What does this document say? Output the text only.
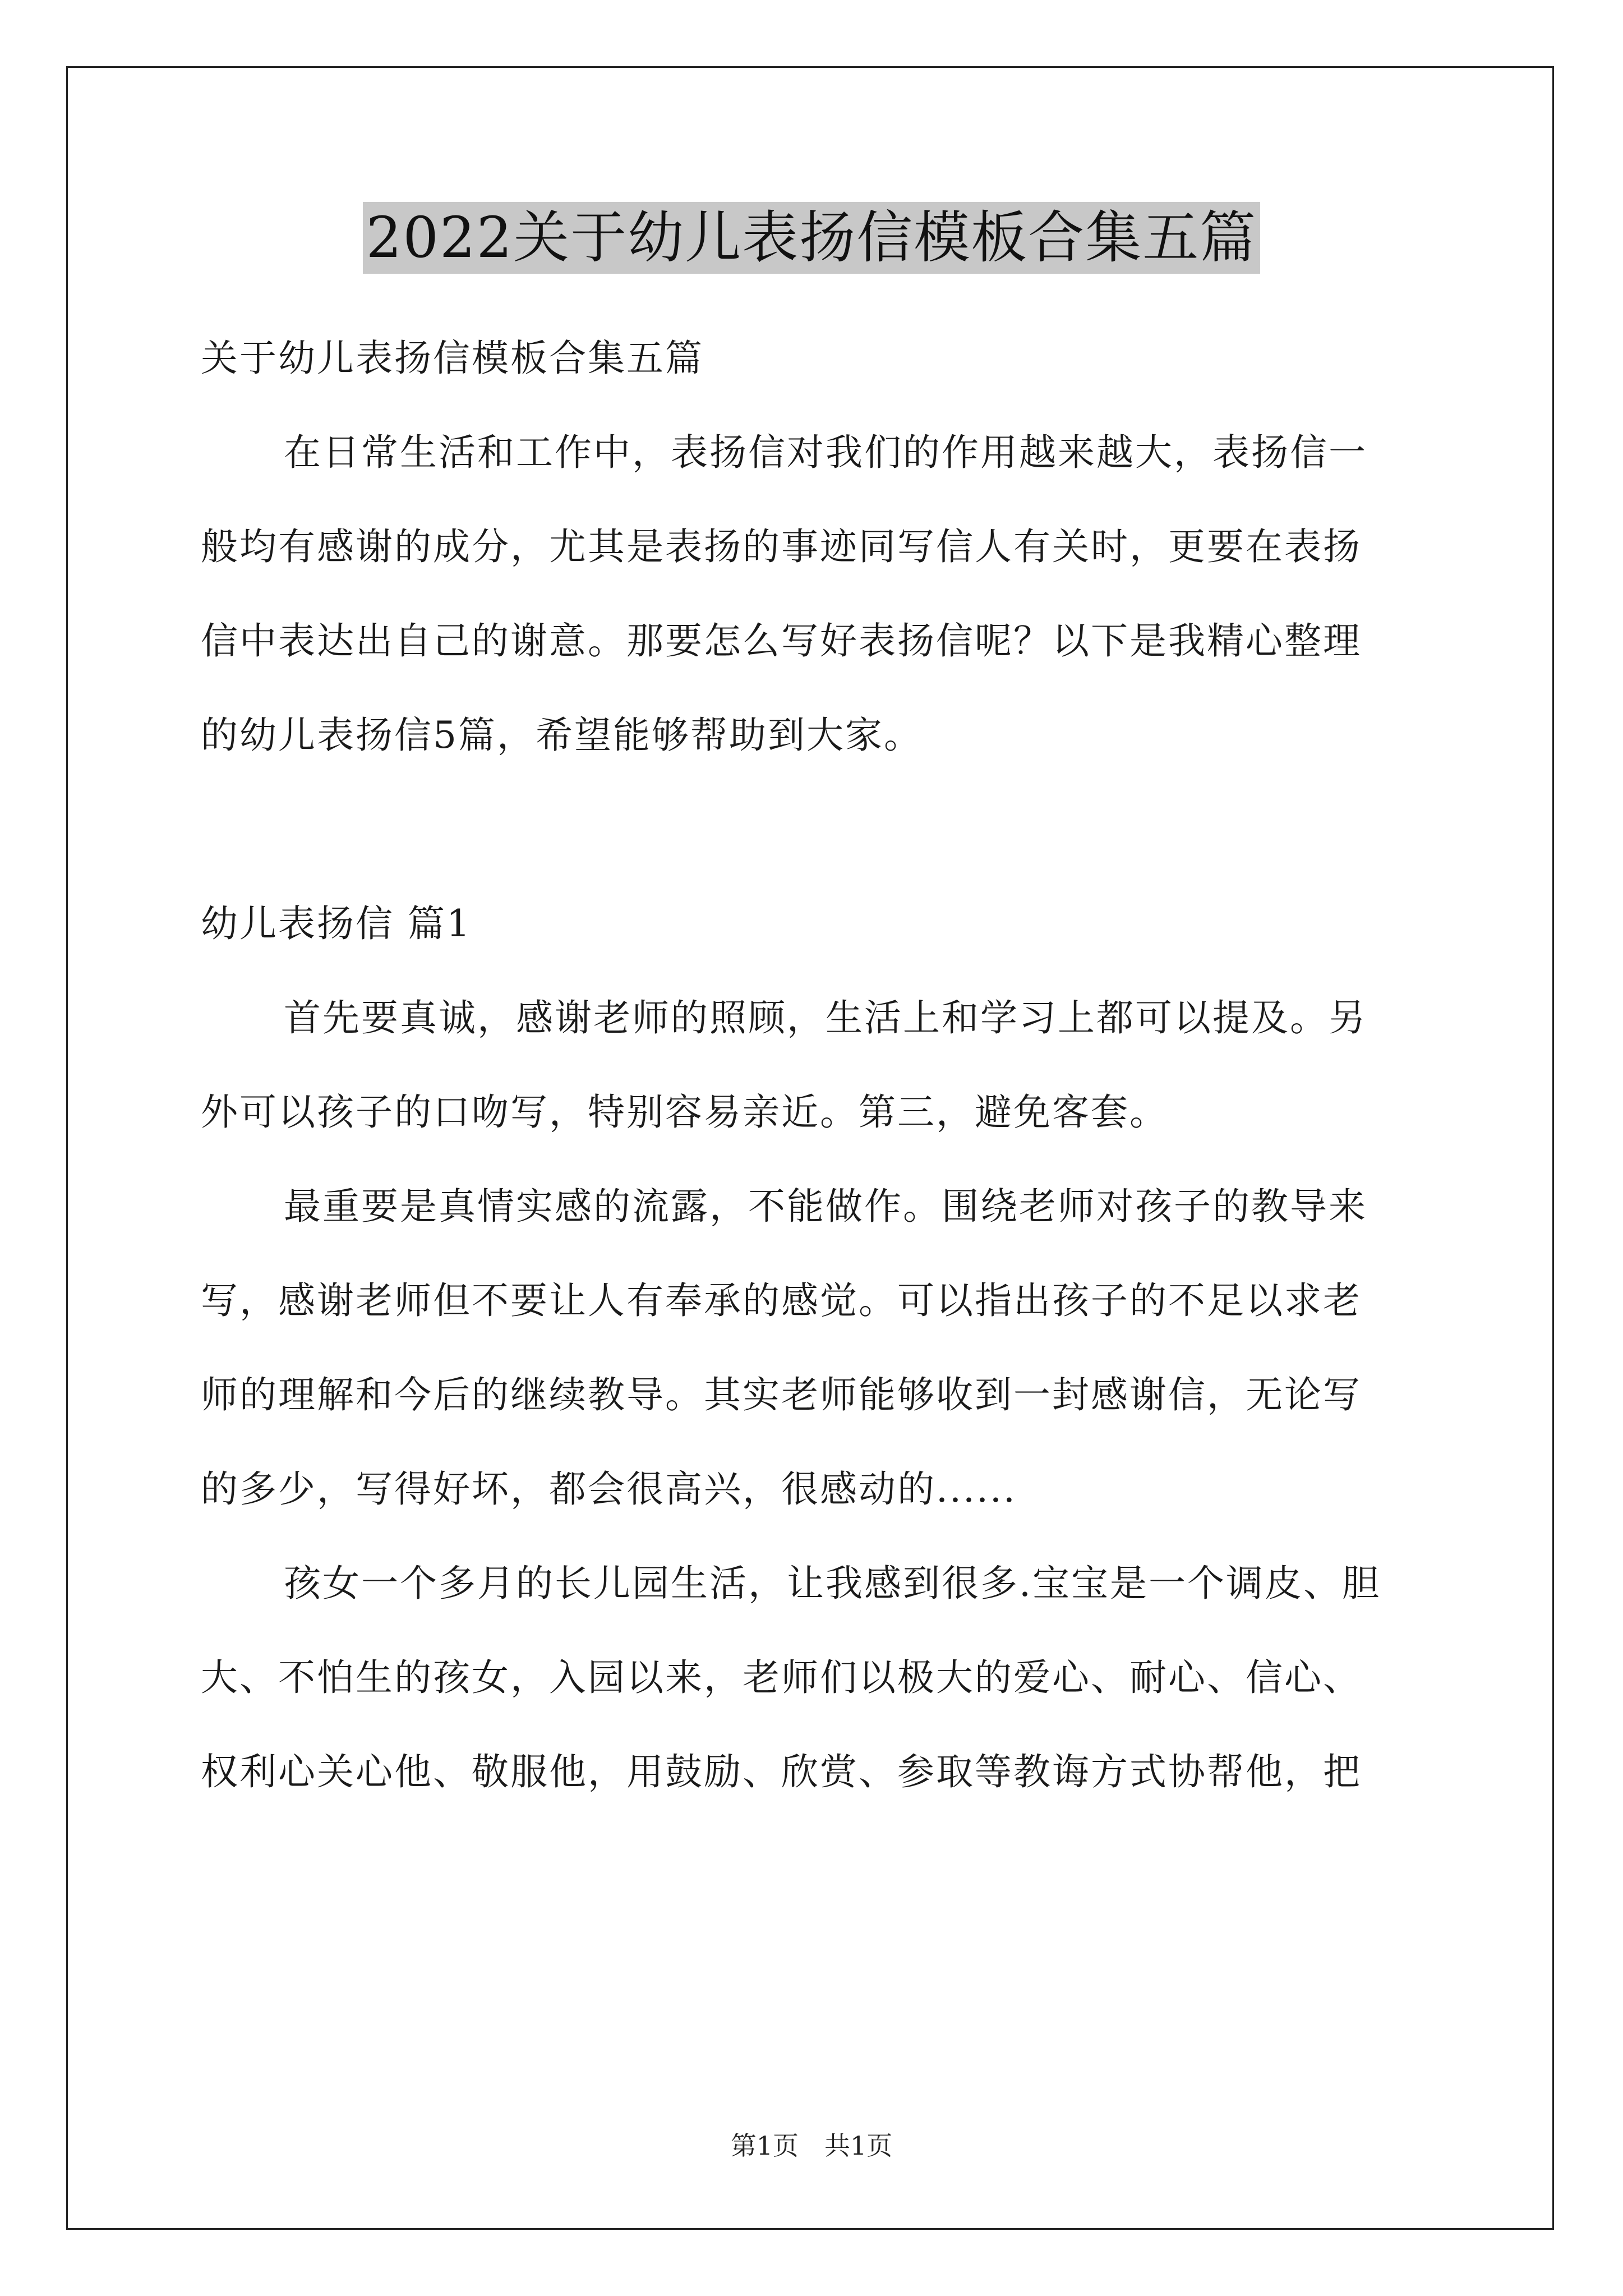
2022关于幼儿表扬信模板合集五篇
关于幼儿表扬信模板合集五篇
在日常生活和工作中，表扬信对我们的作用越来越大，表扬信一
般均有感谢的成分，尤其是表扬的事迹同写信人有关时，更要在表扬
信中表达出自己的谢意。那要怎么写好表扬信呢？以下是我精心整理
的幼儿表扬信5篇，希望能够帮助到大家。
幼儿表扬信 篇1
首先要真诚，感谢老师的照顾，生活上和学习上都可以提及。另
外可以孩子的口吻写，特别容易亲近。第三，避免客套。
最重要是真情实感的流露，不能做作。围绕老师对孩子的教导来
写，感谢老师但不要让人有奉承的感觉。可以指出孩子的不足以求老
师的理解和今后的继续教导。其实老师能够收到一封感谢信，无论写
的多少，写得好坏，都会很高兴，很感动的......
孩女一个多月的长儿园生活，让我感到很多.宝宝是一个调皮、胆
大、不怕生的孩女，入园以来，老师们以极大的爱心、耐心、信心、
权利心关心他、敬服他，用鼓励、欣赏、参取等教诲方式协帮他，把
第1页　共1页
